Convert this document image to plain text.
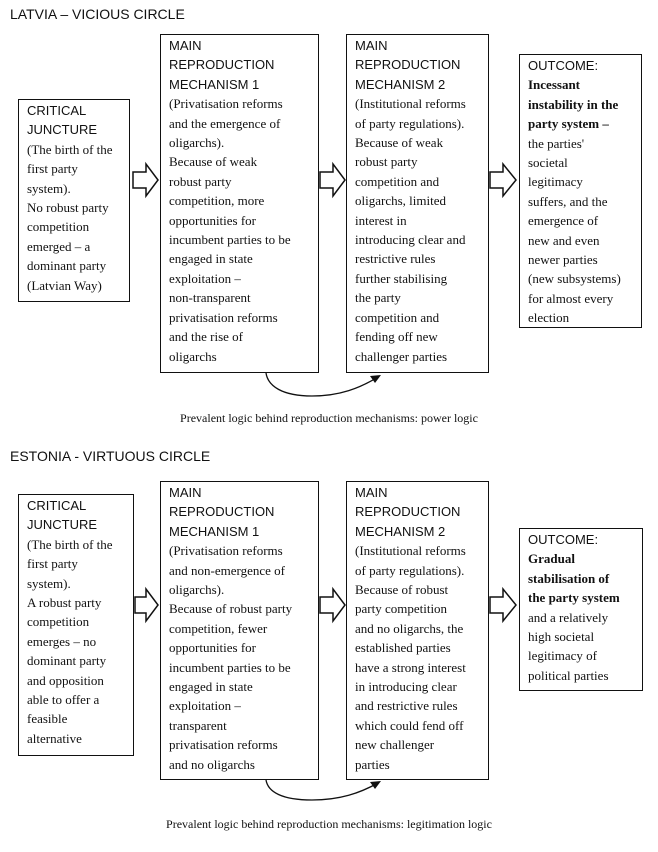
LATVIA – VICIOUS CIRCLE
CRITICAL
JUNCTURE
(The birth of the
first party
system).
No robust party
competition
emerged – a
dominant party
(Latvian Way)
MAIN
REPRODUCTION
MECHANISM 1
(Privatisation reforms
and the emergence of
oligarchs).
Because of weak
robust party
competition, more
opportunities for
incumbent parties to be
engaged in state
exploitation –
non-transparent
privatisation reforms
and the rise of
oligarchs
MAIN
REPRODUCTION
MECHANISM 2
(Institutional reforms
of party regulations).
Because of weak
robust party
competition and
oligarchs, limited
interest in
introducing clear and
restrictive rules
further stabilising
the party
competition and
fending off new
challenger parties
OUTCOME:
Incessant
instability in the
party system –
the parties'
societal
legitimacy
suffers, and the
emergence of
new and even
newer parties
(new subsystems)
for almost every
election
Prevalent logic behind reproduction mechanisms: power logic
ESTONIA - VIRTUOUS CIRCLE
CRITICAL
JUNCTURE
(The birth of the
first party
system).
A robust party
competition
emerges – no
dominant party
and opposition
able to offer a
feasible
alternative
MAIN
REPRODUCTION
MECHANISM 1
(Privatisation reforms
and non-emergence of
oligarchs).
Because of robust party
competition, fewer
opportunities for
incumbent parties to be
engaged in state
exploitation –
transparent
privatisation reforms
and no oligarchs
MAIN
REPRODUCTION
MECHANISM 2
(Institutional reforms
of party regulations).
Because of robust
party competition
and no oligarchs, the
established parties
have a strong interest
in introducing clear
and restrictive rules
which could fend off
new challenger
parties
OUTCOME:
Gradual
stabilisation of
the party system
and a relatively
high societal
legitimacy of
political parties
Prevalent logic behind reproduction mechanisms: legitimation logic
